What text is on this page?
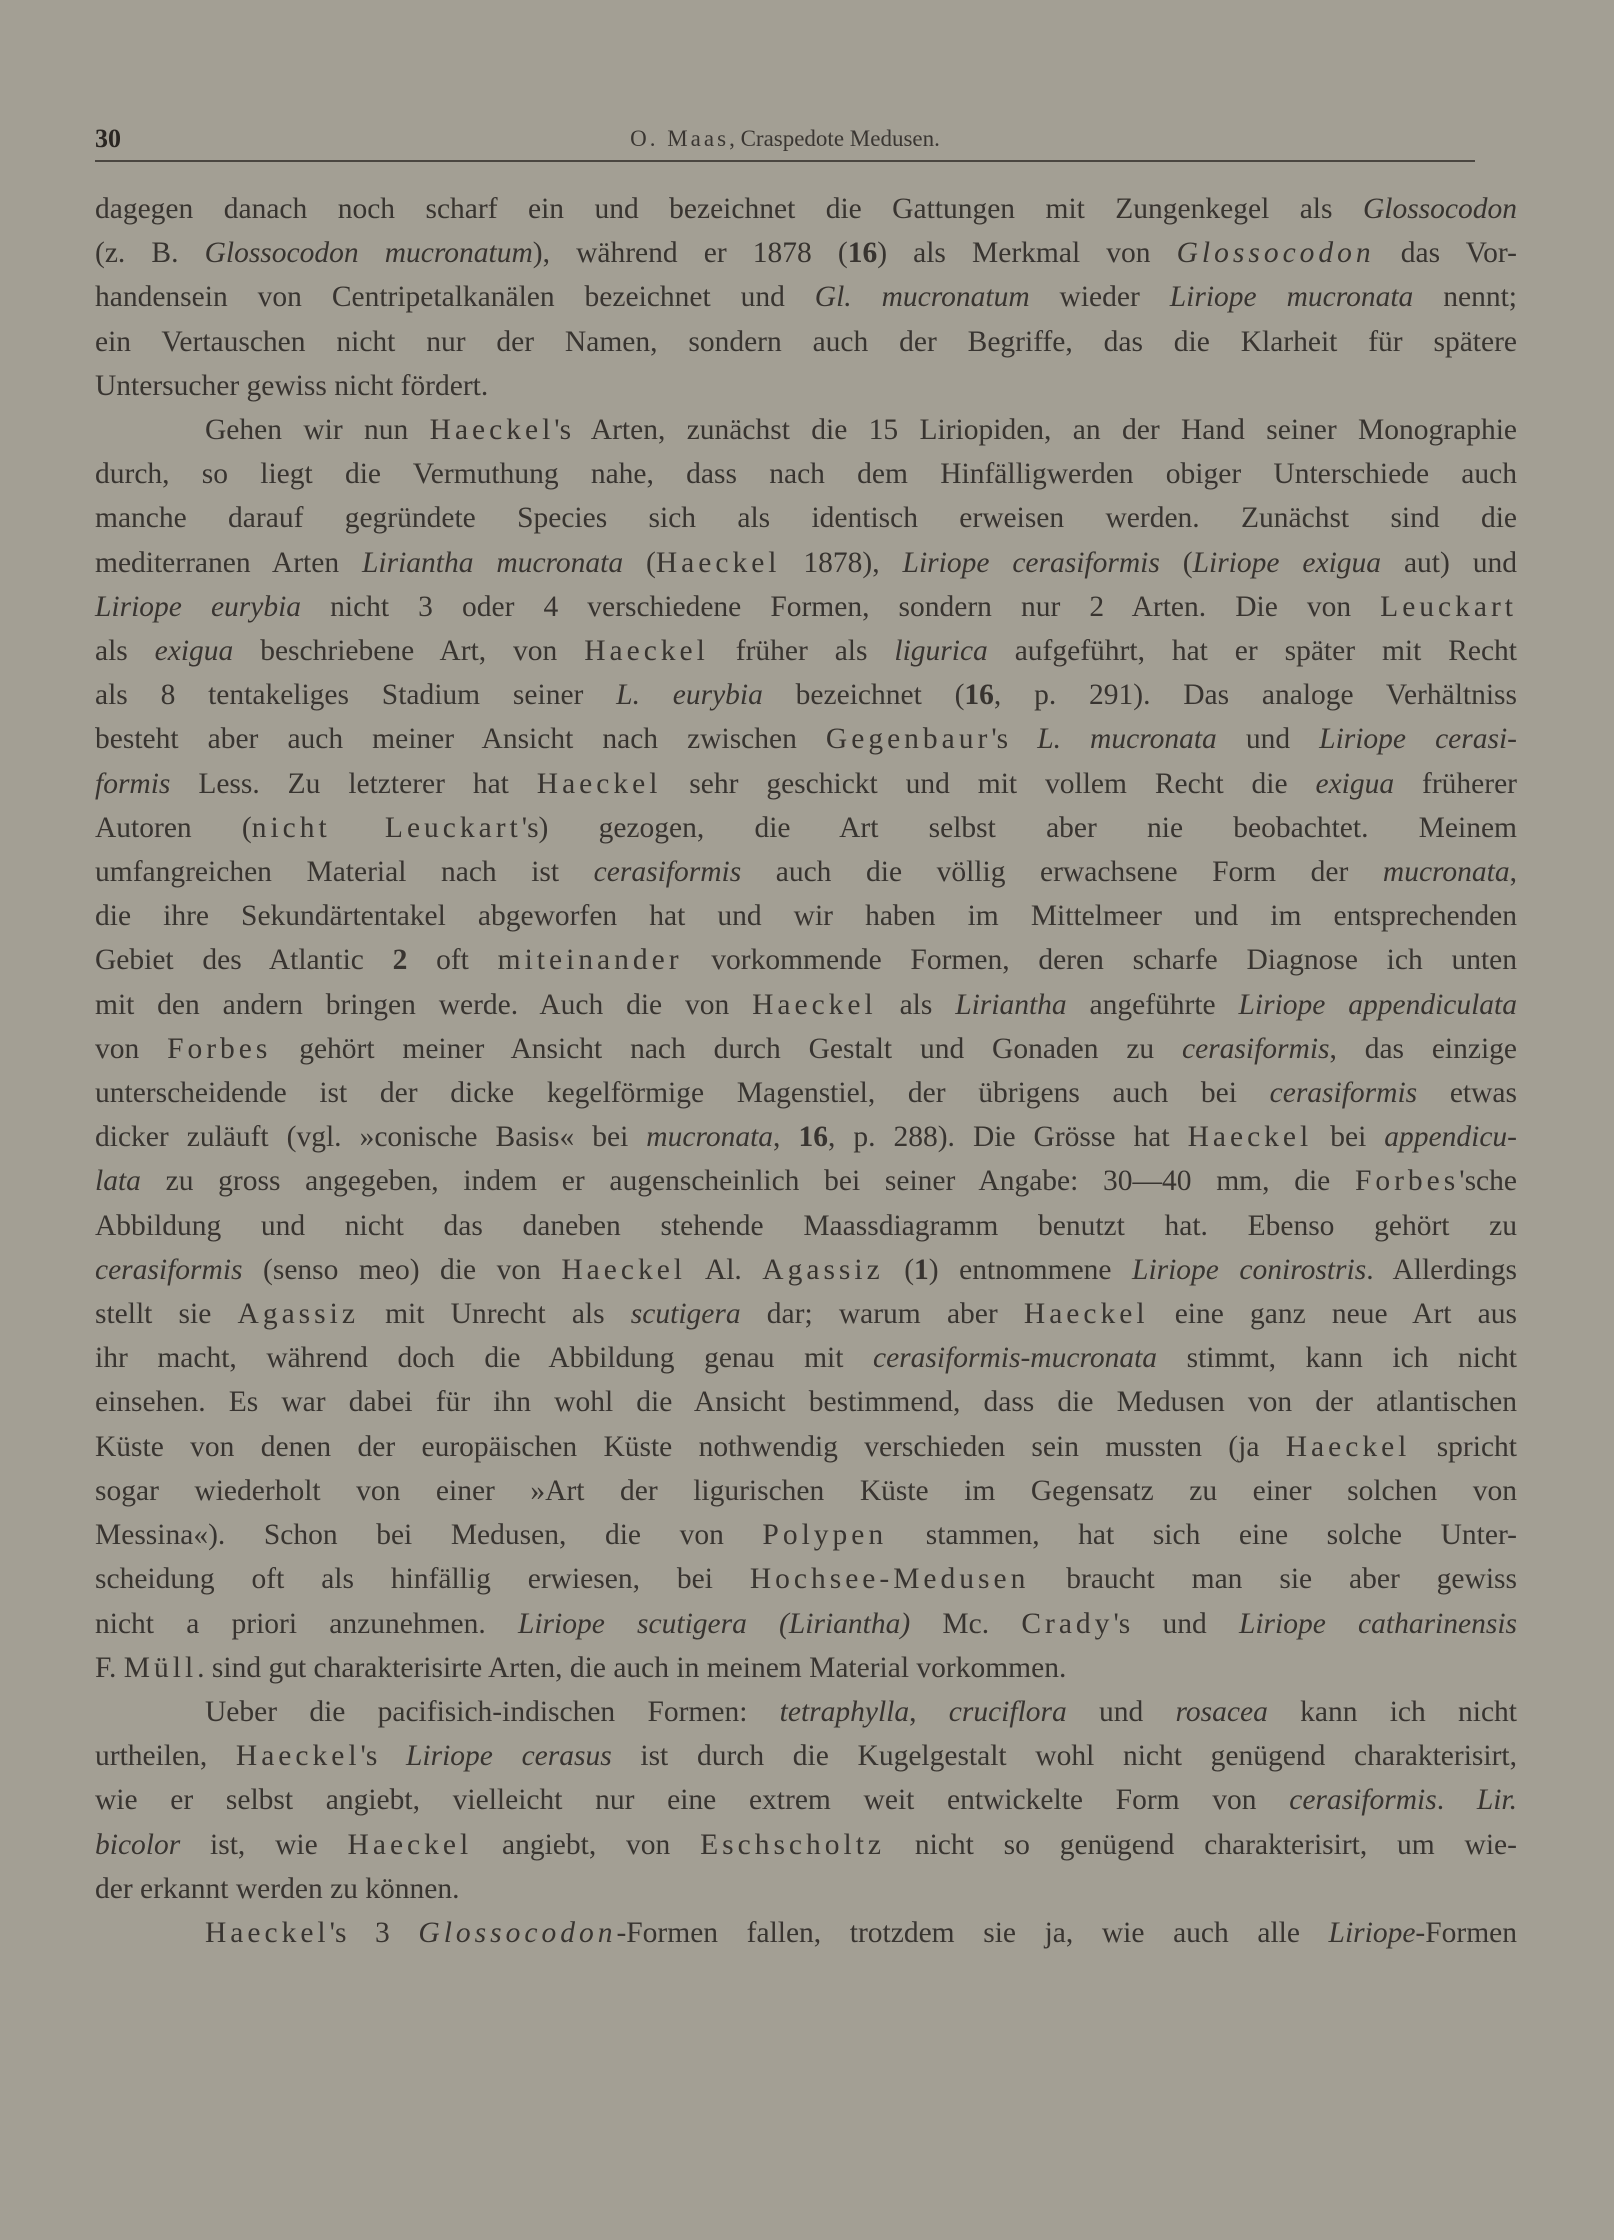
30	O. Maas, Craspedote Medusen.
dagegen danach noch scharf ein und bezeichnet die Gattungen mit Zungenkegel als Glossocodon
(z. B. Glossocodon mucronatum), während er 1878 (16) als Merkmal von Glossocodon das Vor-
handensein von Centripetalkanälen bezeichnet und Gl. mucronatum wieder Liriope mucronata nennt;
ein Vertauschen nicht nur der Namen, sondern auch der Begriffe, das die Klarheit für spätere
Untersucher gewiss nicht fördert.
Gehen wir nun Haeckel's Arten, zunächst die 15 Liriopiden, an der Hand seiner Monographie
durch, so liegt die Vermuthung nahe, dass nach dem Hinfälligwerden obiger Unterschiede auch
manche darauf gegründete Species sich als identisch erweisen werden. Zunächst sind die
mediterranen Arten Liriantha mucronata (Haeckel 1878), Liriope cerasiformis (Liriope exigua aut) und
Liriope eurybia nicht 3 oder 4 verschiedene Formen, sondern nur 2 Arten. Die von Leuckart
als exigua beschriebene Art, von Haeckel früher als ligurica aufgeführt, hat er später mit Recht
als 8 tentakeliges Stadium seiner L. eurybia bezeichnet (16, p. 291). Das analoge Verhältniss
besteht aber auch meiner Ansicht nach zwischen Gegenbaur's L. mucronata und Liriope cerasi-
formis Less. Zu letzterer hat Haeckel sehr geschickt und mit vollem Recht die exigua früherer
Autoren (nicht Leuckart's) gezogen, die Art selbst aber nie beobachtet. Meinem
umfangreichen Material nach ist cerasiformis auch die völlig erwachsene Form der mucronata,
die ihre Sekundärtentakel abgeworfen hat und wir haben im Mittelmeer und im entsprechenden
Gebiet des Atlantic 2 oft miteinander vorkommende Formen, deren scharfe Diagnose ich unten
mit den andern bringen werde. Auch die von Haeckel als Liriantha angeführte Liriope appendiculata
von Forbes gehört meiner Ansicht nach durch Gestalt und Gonaden zu cerasiformis, das einzige
unterscheidende ist der dicke kegelförmige Magenstiel, der übrigens auch bei cerasiformis etwas
dicker zuläuft (vgl. »conische Basis« bei mucronata, 16, p. 288). Die Grösse hat Haeckel bei appendicu-
lata zu gross angegeben, indem er augenscheinlich bei seiner Angabe: 30—40 mm, die Forbes'sche
Abbildung und nicht das daneben stehende Maassdiagramm benutzt hat. Ebenso gehört zu
cerasiformis (senso meo) die von Haeckel Al. Agassiz (1) entnommene Liriope conirostris. Allerdings
stellt sie Agassiz mit Unrecht als scutigera dar; warum aber Haeckel eine ganz neue Art aus
ihr macht, während doch die Abbildung genau mit cerasiformis-mucronata stimmt, kann ich nicht
einsehen. Es war dabei für ihn wohl die Ansicht bestimmend, dass die Medusen von der atlantischen
Küste von denen der europäischen Küste nothwendig verschieden sein mussten (ja Haeckel spricht
sogar wiederholt von einer »Art der ligurischen Küste im Gegensatz zu einer solchen von
Messina«). Schon bei Medusen, die von Polypen stammen, hat sich eine solche Unter-
scheidung oft als hinfällig erwiesen, bei Hochsee-Medusen braucht man sie aber gewiss
nicht a priori anzunehmen. Liriope scutigera (Liriantha) Mc. Crady's und Liriope catharinensis
F. Müll. sind gut charakterisirte Arten, die auch in meinem Material vorkommen.
Ueber die pacifisich-indischen Formen: tetraphylla, cruciflora und rosacea kann ich nicht
urtheilen, Haeckel's Liriope cerasus ist durch die Kugelgestalt wohl nicht genügend charakterisirt,
wie er selbst angiebt, vielleicht nur eine extrem weit entwickelte Form von cerasiformis. Lir.
bicolor ist, wie Haeckel angiebt, von Eschscholtz nicht so genügend charakterisirt, um wie-
der erkannt werden zu können.
Haeckel's 3 Glossocodon-Formen fallen, trotzdem sie ja, wie auch alle Liriope-Formen
